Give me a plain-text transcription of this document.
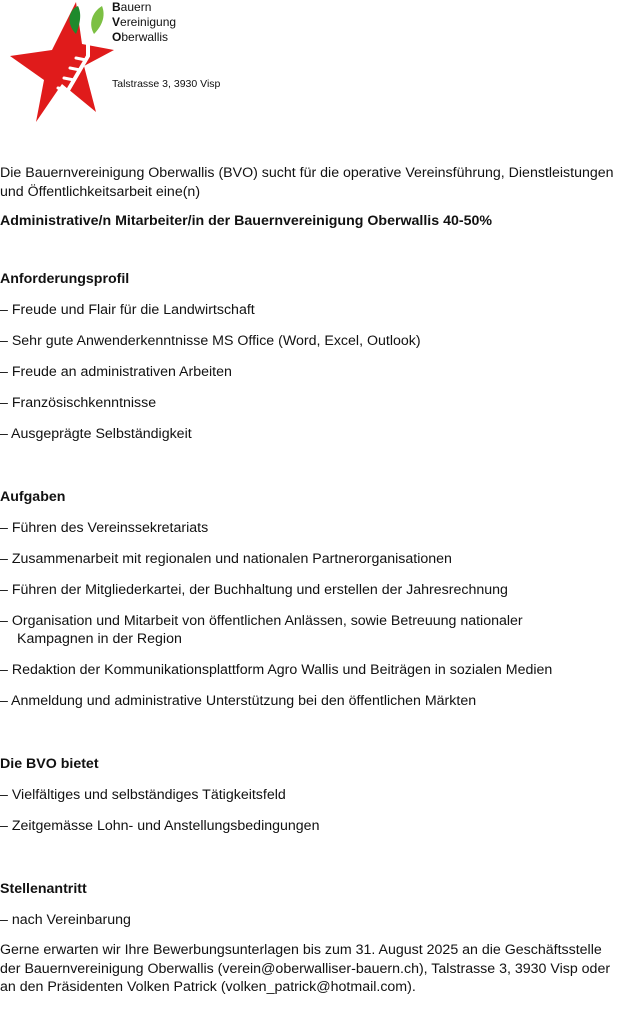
Bauern
Vereinigung
Oberwallis
Talstrasse 3, 3930 Visp

Die Bauernvereinigung Oberwallis (BVO) sucht für die operative Vereinsführung, Dienstleistungen und Öffentlichkeitsarbeit eine(n)

Administrative/n Mitarbeiter/in der Bauernvereinigung Oberwallis 40-50%

Anforderungsprofil

– Freude und Flair für die Landwirtschaft
– Sehr gute Anwenderkenntnisse MS Office (Word, Excel, Outlook)
– Freude an administrativen Arbeiten
– Französischkenntnisse
– Ausgeprägte Selbständigkeit

Aufgaben

– Führen des Vereinssekretariats
– Zusammenarbeit mit regionalen und nationalen Partnerorganisationen
– Führen der Mitgliederkartei, der Buchhaltung und erstellen der Jahresrechnung
– Organisation und Mitarbeit von öffentlichen Anlässen, sowie Betreuung nationaler
Kampagnen in der Region
– Redaktion der Kommunikationsplattform Agro Wallis und Beiträgen in sozialen Medien
– Anmeldung und administrative Unterstützung bei den öffentlichen Märkten

Die BVO bietet

– Vielfältiges und selbständiges Tätigkeitsfeld
– Zeitgemässe Lohn- und Anstellungsbedingungen

Stellenantritt

– nach Vereinbarung

Gerne erwarten wir Ihre Bewerbungsunterlagen bis zum 31. August 2025 an die Geschäftsstelle der Bauernvereinigung Oberwallis (verein@oberwalliser-bauern.ch), Talstrasse 3, 3930 Visp oder an den Präsidenten Volken Patrick (volken_patrick@hotmail.com).
